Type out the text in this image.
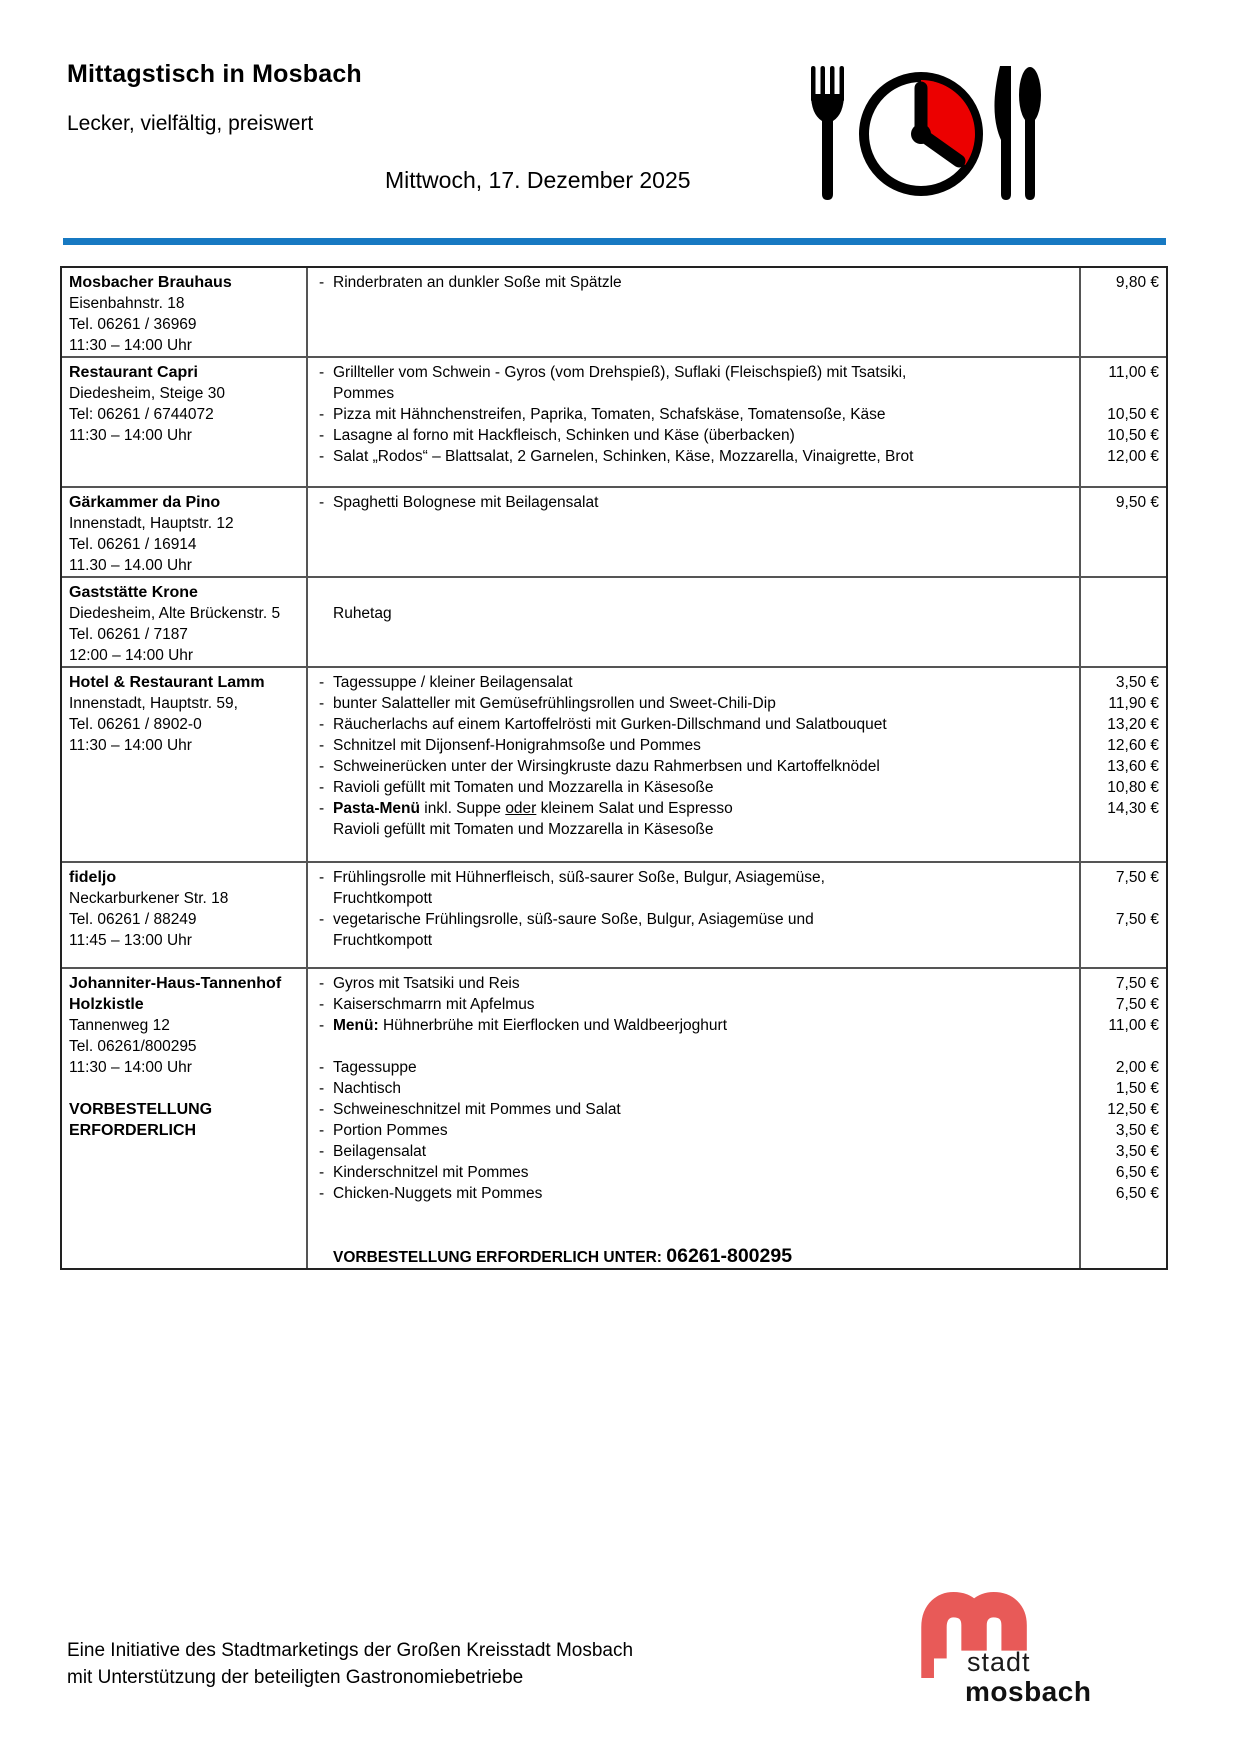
Mittagstisch in Mosbach
Lecker, vielfältig, preiswert
Mittwoch, 17. Dezember 2025
Mosbacher Brauhaus
Eisenbahnstr. 18
Tel. 06261 / 36969
11:30 – 14:00 Uhr
- Rinderbraten an dunkler Soße mit Spätzle	9,80 €
Restaurant Capri
Diedesheim, Steige 30
Tel: 06261 / 6744072
11:30 – 14:00 Uhr
- Grillteller vom Schwein - Gyros (vom Drehspieß), Suflaki (Fleischspieß) mit Tsatsiki,
Pommes
- Pizza mit Hähnchenstreifen, Paprika, Tomaten, Schafskäse, Tomatensoße, Käse
- Lasagne al forno mit Hackfleisch, Schinken und Käse (überbacken)
- Salat „Rodos“ – Blattsalat, 2 Garnelen, Schinken, Käse, Mozzarella, Vinaigrette, Brot
11,00 €
10,50 €
10,50 €
12,00 €
Gärkammer da Pino
Innenstadt, Hauptstr. 12
Tel. 06261 / 16914
11.30 – 14.00 Uhr
- Spaghetti Bolognese mit Beilagensalat	9,50 €
Gaststätte Krone
Diedesheim, Alte Brückenstr. 5
Tel. 06261 / 7187
12:00 – 14:00 Uhr

Ruhetag

Hotel & Restaurant Lamm
Innenstadt, Hauptstr. 59,
Tel. 06261 / 8902-0
11:30 – 14:00 Uhr
- Tagessuppe / kleiner Beilagensalat
- bunter Salatteller mit Gemüsefrühlingsrollen und Sweet-Chili-Dip
- Räucherlachs auf einem Kartoffelrösti mit Gurken-Dillschmand und Salatbouquet
- Schnitzel mit Dijonsenf-Honigrahmsoße und Pommes
- Schweinerücken unter der Wirsingkruste dazu Rahmerbsen und Kartoffelknödel
- Ravioli gefüllt mit Tomaten und Mozzarella in Käsesoße
- Pasta-Menü inkl. Suppe oder kleinem Salat und Espresso
Ravioli gefüllt mit Tomaten und Mozzarella in Käsesoße
3,50 €
11,90 €
13,20 €
12,60 €
13,60 €
10,80 €
14,30 €
fideljo
Neckarburkener Str. 18
Tel. 06261 / 88249
11:45 – 13:00 Uhr
- Frühlingsrolle mit Hühnerfleisch, süß-saurer Soße, Bulgur, Asiagemüse,
Fruchtkompott
- vegetarische Frühlingsrolle, süß-saure Soße, Bulgur, Asiagemüse und
Fruchtkompott
7,50 €
7,50 €
Johanniter-Haus-Tannenhof
Holzkistle
Tannenweg 12
Tel. 06261/800295
11:30 – 14:00 Uhr

VORBESTELLUNG
ERFORDERLICH
- Gyros mit Tsatsiki und Reis
- Kaiserschmarrn mit Apfelmus
- Menü: Hühnerbrühe mit Eierflocken und Waldbeerjoghurt

- Tagessuppe
- Nachtisch
- Schweineschnitzel mit Pommes und Salat
- Portion Pommes
- Beilagensalat
- Kinderschnitzel mit Pommes
- Chicken-Nuggets mit Pommes

VORBESTELLUNG ERFORDERLICH UNTER: 06261-800295
7,50 €
7,50 €
11,00 €

2,00 €
1,50 €
12,50 €
3,50 €
3,50 €
6,50 €
6,50 €

Eine Initiative des Stadtmarketings der Großen Kreisstadt Mosbach
mit Unterstützung der beteiligten Gastronomiebetriebe
stadt
mosbach
